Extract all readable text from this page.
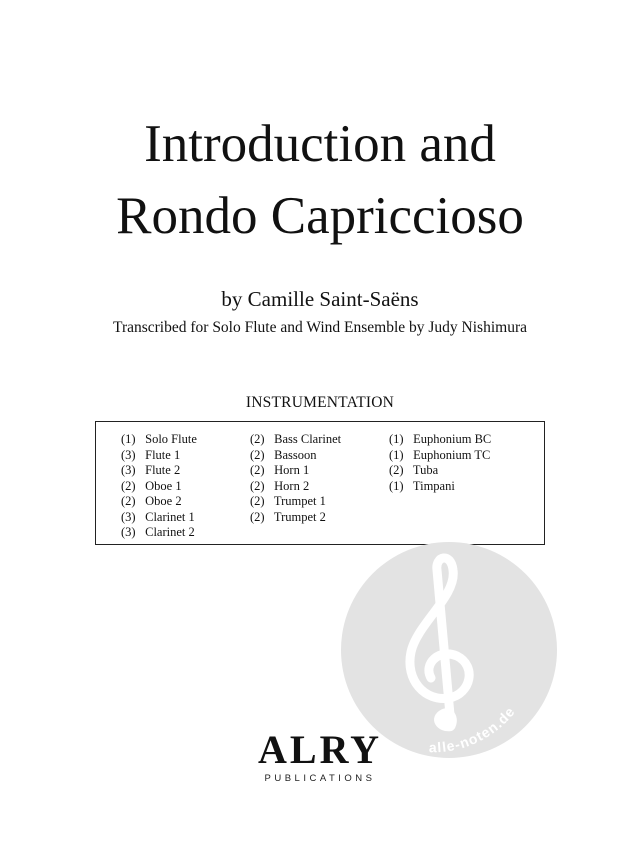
Introduction and
Rondo Capriccioso
by Camille Saint-Saëns
Transcribed for Solo Flute and Wind Ensemble by Judy Nishimura
INSTRUMENTATION
(1) Solo Flute
(3) Flute 1
(3) Flute 2
(2) Oboe 1
(2) Oboe 2
(3) Clarinet 1
(3) Clarinet 2
(2) Bass Clarinet
(2) Bassoon
(2) Horn 1
(2) Horn 2
(2) Trumpet 1
(2) Trumpet 2
(1) Euphonium BC
(1) Euphonium TC
(2) Tuba
(1) Timpani
alle-noten.de
ALRY
PUBLICATIONS
